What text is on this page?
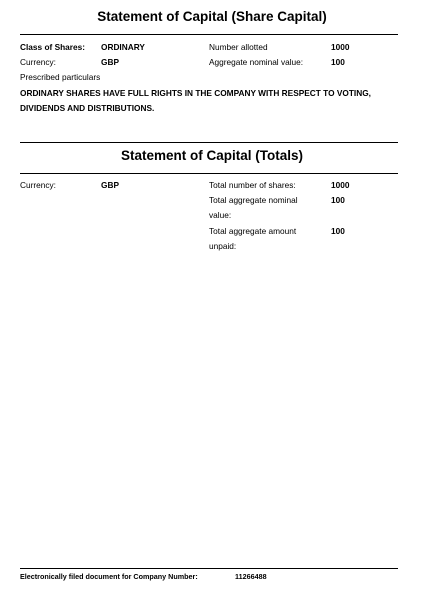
Statement of Capital (Share Capital)
Class of Shares: ORDINARY	Number allotted	1000
Currency:	GBP	Aggregate nominal value:	100
Prescribed particulars
ORDINARY SHARES HAVE FULL RIGHTS IN THE COMPANY WITH RESPECT TO VOTING, DIVIDENDS AND DISTRIBUTIONS.
Statement of Capital (Totals)
Currency:	GBP	Total number of shares:	1000
Total aggregate nominal	100
value:
Total aggregate amount	100
unpaid:
Electronically filed document for Company Number:	11266488
